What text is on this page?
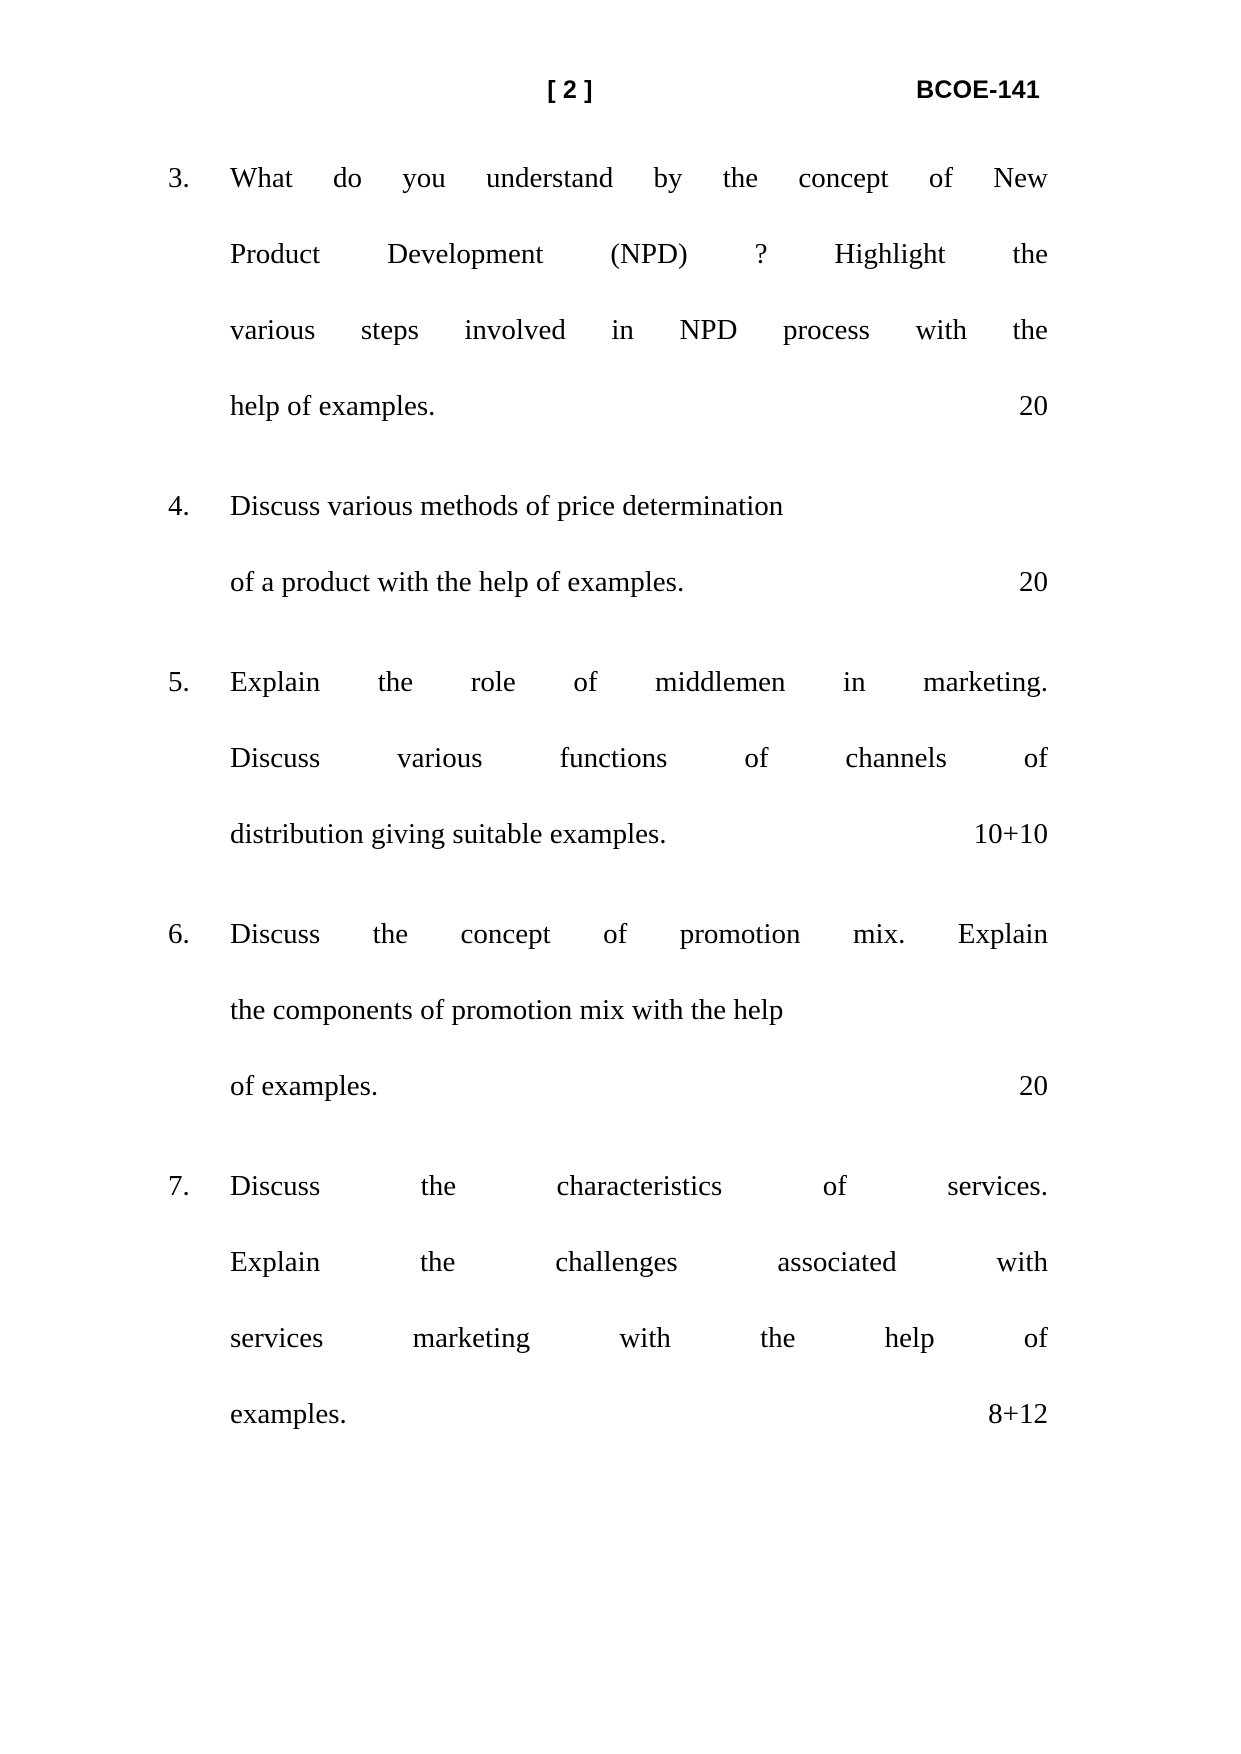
[ 2 ]	BCOE-141
3.	What do you understand by the concept of New
Product Development (NPD) ? Highlight the
various steps involved in NPD process with the
help of examples.	20
4.	Discuss various methods of price determination
of a product with the help of examples.	20
5.	Explain the role of middlemen in marketing.
Discuss	various	functions	of	channels	of
distribution giving suitable examples.	10+10
6.	Discuss the concept of promotion mix. Explain
the components of promotion mix with the help
of examples.	20
7.	Discuss	the	characteristics	of	services.
Explain	the	challenges	associated	with
services	marketing	with	the	help	of
examples.	8+12
